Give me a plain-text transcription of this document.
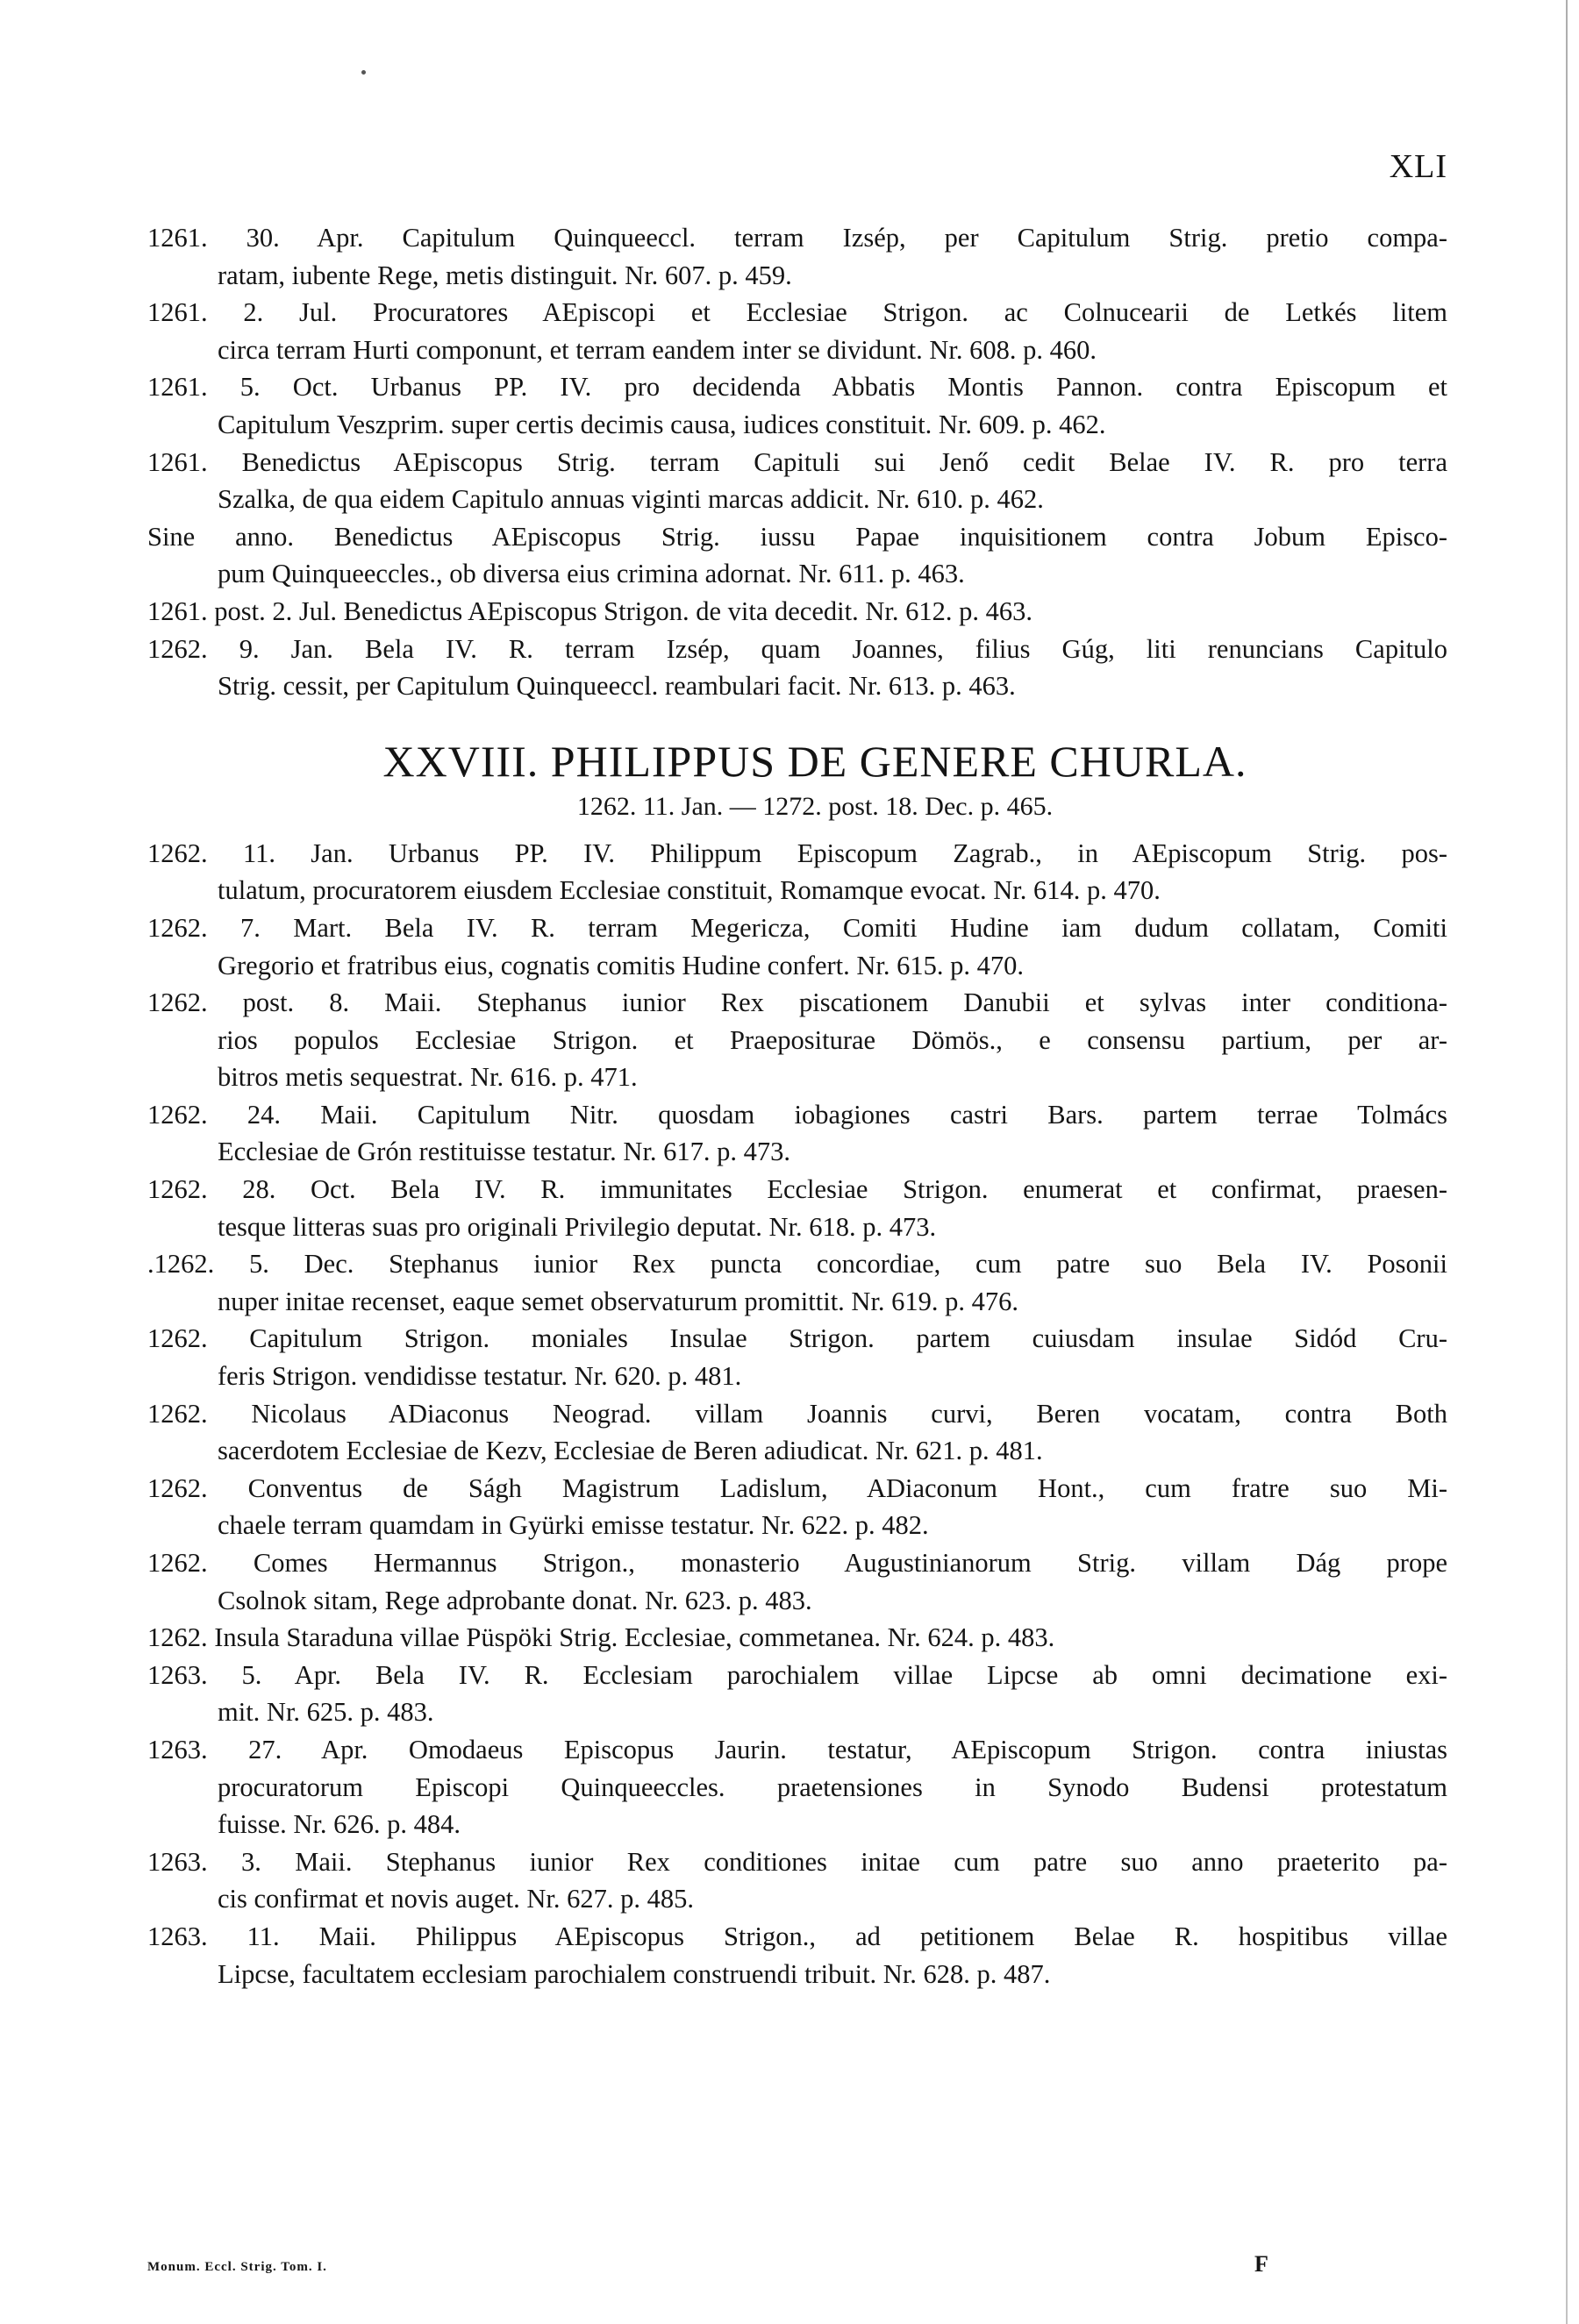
XLI
1261. 30. Apr. Capitulum Quinqueeccl. terram Izsép, per Capitulum Strig. pretio compa-
ratam, iubente Rege, metis distinguit. Nr. 607. p. 459.
1261. 2. Jul. Procuratores AEpiscopi et Ecclesiae Strigon. ac Colnucearii de Letkés litem
circa terram Hurti componunt, et terram eandem inter se dividunt. Nr. 608. p. 460.
1261. 5. Oct. Urbanus PP. IV. pro decidenda Abbatis Montis Pannon. contra Episcopum et
Capitulum Veszprim. super certis decimis causa, iudices constituit. Nr. 609. p. 462.
1261. Benedictus AEpiscopus Strig. terram Capituli sui Jenő cedit Belae IV. R. pro terra
Szalka, de qua eidem Capitulo annuas viginti marcas addicit. Nr. 610. p. 462.
Sine anno. Benedictus AEpiscopus Strig. iussu Papae inquisitionem contra Jobum Episco-
pum Quinqueeccles., ob diversa eius crimina adornat. Nr. 611. p. 463.
1261. post. 2. Jul. Benedictus AEpiscopus Strigon. de vita decedit. Nr. 612. p. 463.
1262. 9. Jan. Bela IV. R. terram Izsép, quam Joannes, filius Gúg, liti renuncians Capitulo
Strig. cessit, per Capitulum Quinqueeccl. reambulari facit. Nr. 613. p. 463.
XXVIII. PHILIPPUS DE GENERE CHURLA.
1262. 11. Jan. — 1272. post. 18. Dec. p. 465.
1262. 11. Jan. Urbanus PP. IV. Philippum Episcopum Zagrab., in AEpiscopum Strig. pos-
tulatum, procuratorem eiusdem Ecclesiae constituit, Romamque evocat. Nr. 614. p. 470.
1262. 7. Mart. Bela IV. R. terram Megericza, Comiti Hudine iam dudum collatam, Comiti
Gregorio et fratribus eius, cognatis comitis Hudine confert. Nr. 615. p. 470.
1262. post. 8. Maii. Stephanus iunior Rex piscationem Danubii et sylvas inter conditiona-
rios populos Ecclesiae Strigon. et Praepositurae Dömös., e consensu partium, per ar-
bitros metis sequestrat. Nr. 616. p. 471.
1262. 24. Maii. Capitulum Nitr. quosdam iobagiones castri Bars. partem terrae Tolmács
Ecclesiae de Grón restituisse testatur. Nr. 617. p. 473.
1262. 28. Oct. Bela IV. R. immunitates Ecclesiae Strigon. enumerat et confirmat, praesen-
tesque litteras suas pro originali Privilegio deputat. Nr. 618. p. 473.
.1262. 5. Dec. Stephanus iunior Rex puncta concordiae, cum patre suo Bela IV. Posonii
nuper initae recenset, eaque semet observaturum promittit. Nr. 619. p. 476.
1262. Capitulum Strigon. moniales Insulae Strigon. partem cuiusdam insulae Sidód Cru-
feris Strigon. vendidisse testatur. Nr. 620. p. 481.
1262. Nicolaus ADiaconus Neograd. villam Joannis curvi, Beren vocatam, contra Both
sacerdotem Ecclesiae de Kezv, Ecclesiae de Beren adiudicat. Nr. 621. p. 481.
1262. Conventus de Ságh Magistrum Ladislum, ADiaconum Hont., cum fratre suo Mi-
chaele terram quamdam in Gyürki emisse testatur. Nr. 622. p. 482.
1262. Comes Hermannus Strigon., monasterio Augustinianorum Strig. villam Dág prope
Csolnok sitam, Rege adprobante donat. Nr. 623. p. 483.
1262. Insula Staraduna villae Püspöki Strig. Ecclesiae, commetanea. Nr. 624. p. 483.
1263. 5. Apr. Bela IV. R. Ecclesiam parochialem villae Lipcse ab omni decimatione exi-
mit. Nr. 625. p. 483.
1263. 27. Apr. Omodaeus Episcopus Jaurin. testatur, AEpiscopum Strigon. contra iniustas
procuratorum Episcopi Quinqueeccles. praetensiones in Synodo Budensi protestatum
fuisse. Nr. 626. p. 484.
1263. 3. Maii. Stephanus iunior Rex conditiones initae cum patre suo anno praeterito pa-
cis confirmat et novis auget. Nr. 627. p. 485.
1263. 11. Maii. Philippus AEpiscopus Strigon., ad petitionem Belae R. hospitibus villae
Lipcse, facultatem ecclesiam parochialem construendi tribuit. Nr. 628. p. 487.
Monum. Eccl. Strig. Tom. I.	F
